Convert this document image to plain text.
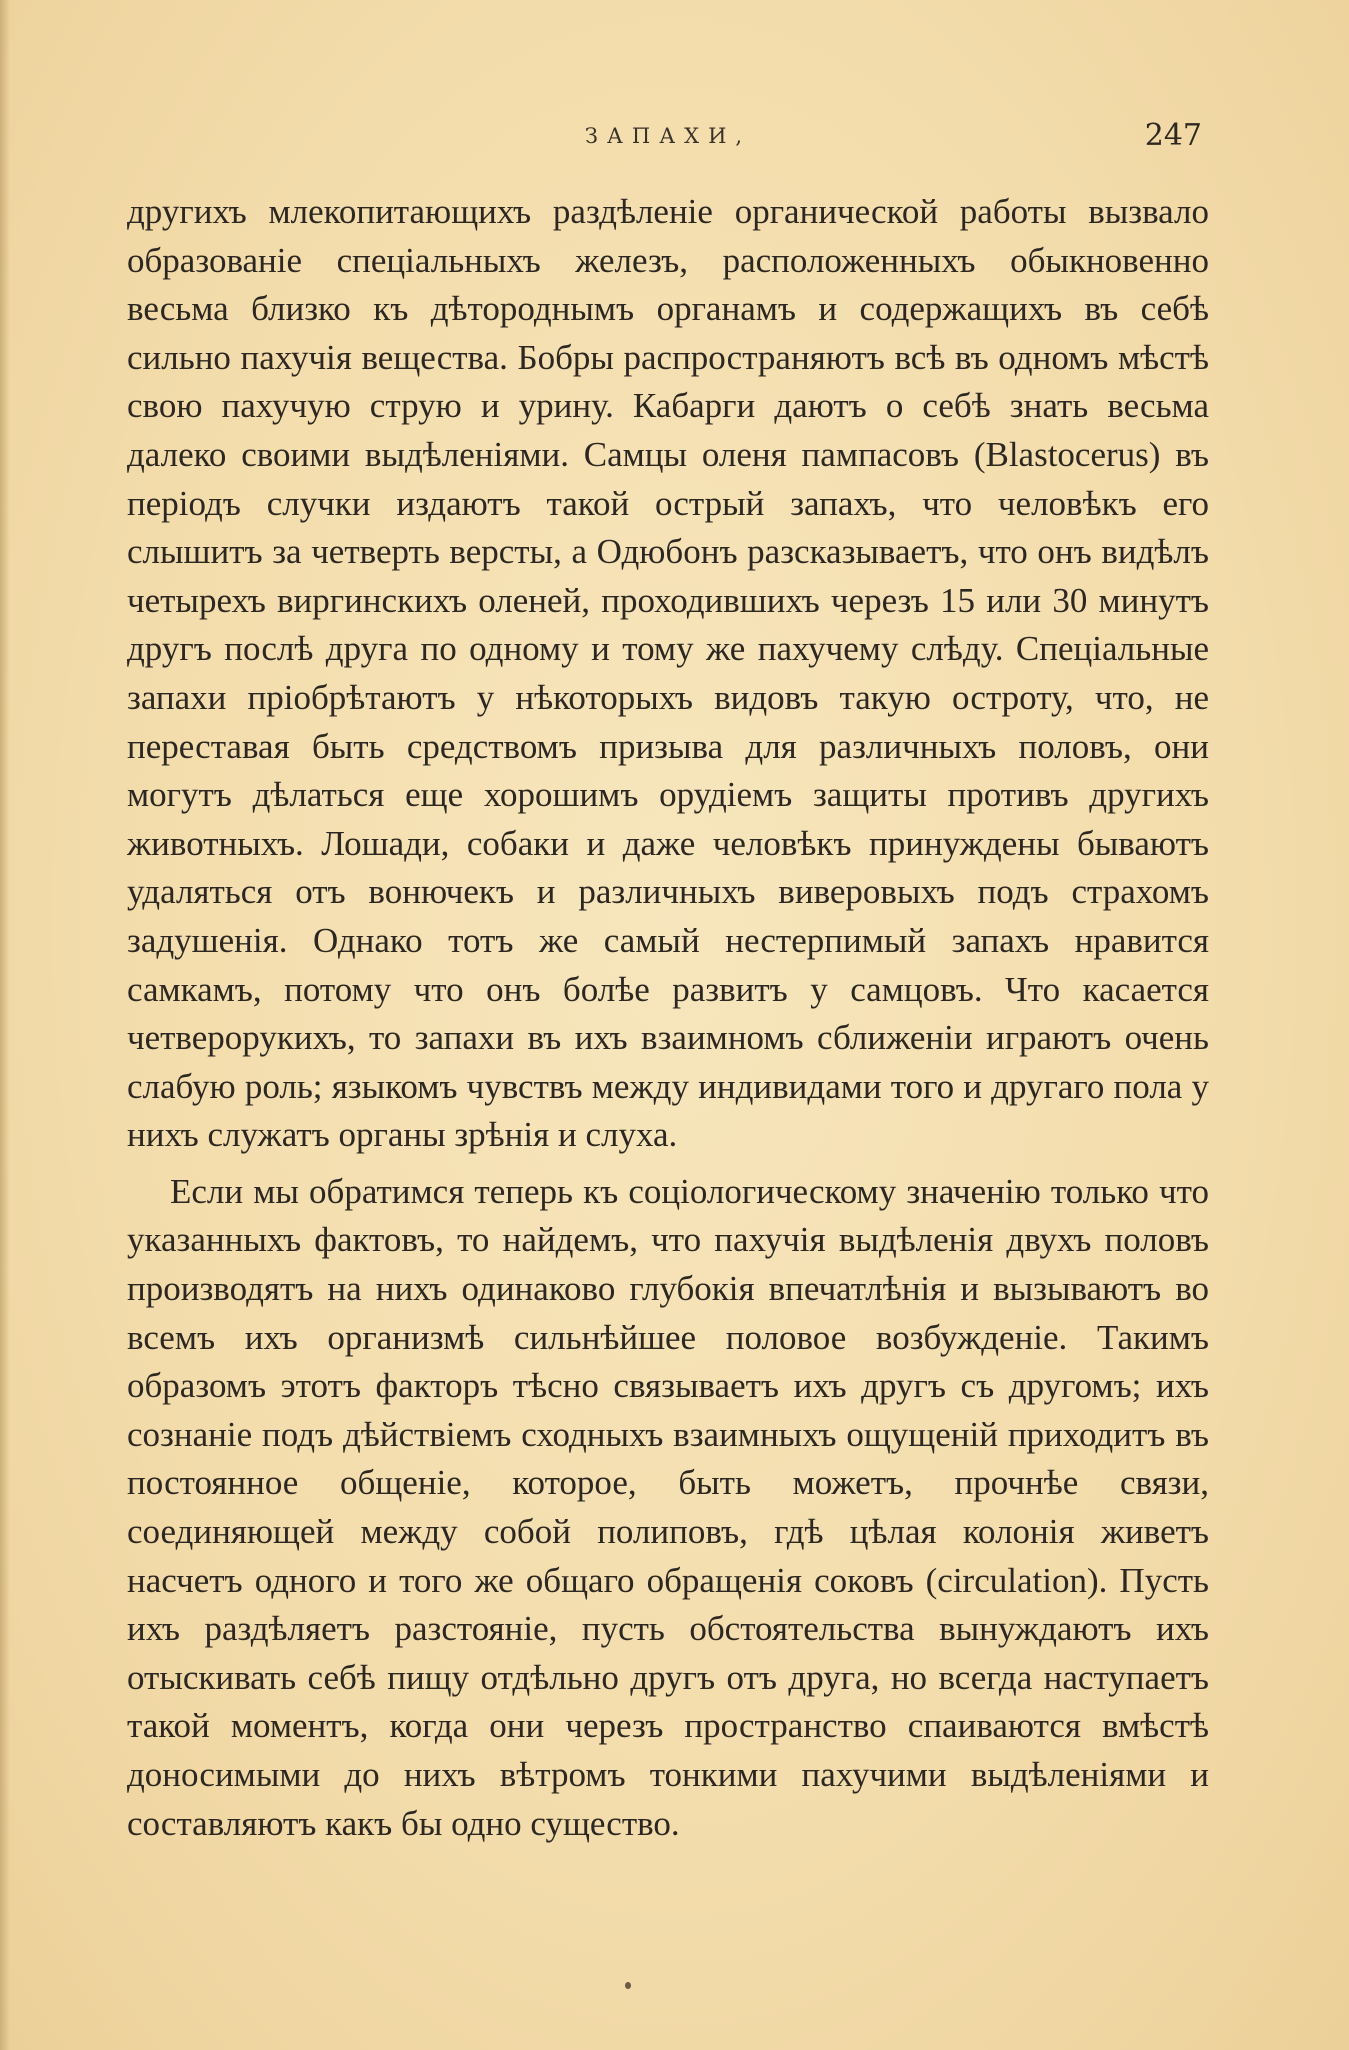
ЗАПАХИ,	247

другихъ млекопитающихъ раздѣленіе органической работы вызвало образованіе спеціальныхъ железъ, расположенныхъ обыкновенно весьма близко къ дѣтороднымъ органамъ и содержащихъ въ себѣ сильно пахучія вещества. Бобры распространяютъ всѣ въ одномъ мѣстѣ свою пахучую струю и урину. Кабарги даютъ о себѣ знать весьма далеко своими выдѣленіями. Самцы оленя пампасовъ (Blastocerus) въ періодъ случки издаютъ такой острый запахъ, что человѣкъ его слышитъ за четверть версты, а Одюбонъ разсказываетъ, что онъ видѣлъ четырехъ виргинскихъ оленей, проходившихъ черезъ 15 или 30 минутъ другъ послѣ друга по одному и тому же пахучему слѣду. Спеціальные запахи пріобрѣтаютъ у нѣкоторыхъ видовъ такую остроту, что, не переставая быть средствомъ призыва для различныхъ половъ, они могутъ дѣлаться еще хорошимъ орудіемъ защиты противъ другихъ животныхъ. Лошади, собаки и даже человѣкъ принуждены бываютъ удаляться отъ вонючекъ и различныхъ виверовыхъ подъ страхомъ задушенія. Однако тотъ же самый нестерпимый запахъ нравится самкамъ, потому что онъ болѣе развитъ у самцовъ. Что касается четверорукихъ, то запахи въ ихъ взаимномъ сближеніи играютъ очень слабую роль; языкомъ чувствъ между индивидами того и другаго пола у нихъ служатъ органы зрѣнія и слуха.

Если мы обратимся теперь къ соціологическому значенію только что указанныхъ фактовъ, то найдемъ, что пахучія выдѣленія двухъ половъ производятъ на нихъ одинаково глубокія впечатлѣнія и вызываютъ во всемъ ихъ организмѣ сильнѣйшее половое возбужденіе. Такимъ образомъ этотъ факторъ тѣсно связываетъ ихъ другъ съ другомъ; ихъ сознаніе подъ дѣйствіемъ сходныхъ взаимныхъ ощущеній приходитъ въ постоянное общеніе, которое, быть можетъ, прочнѣе связи, соединяющей между собой полиповъ, гдѣ цѣлая колонія живетъ насчетъ одного и того же общаго обращенія соковъ (circulation). Пусть ихъ раздѣляетъ разстояніе, пусть обстоятельства вынуждаютъ ихъ отыскивать себѣ пищу отдѣльно другъ отъ друга, но всегда наступаетъ такой моментъ, когда они черезъ пространство спаиваются вмѣстѣ доносимыми до нихъ вѣтромъ тонкими пахучими выдѣленіями и составляютъ какъ бы одно существо.
